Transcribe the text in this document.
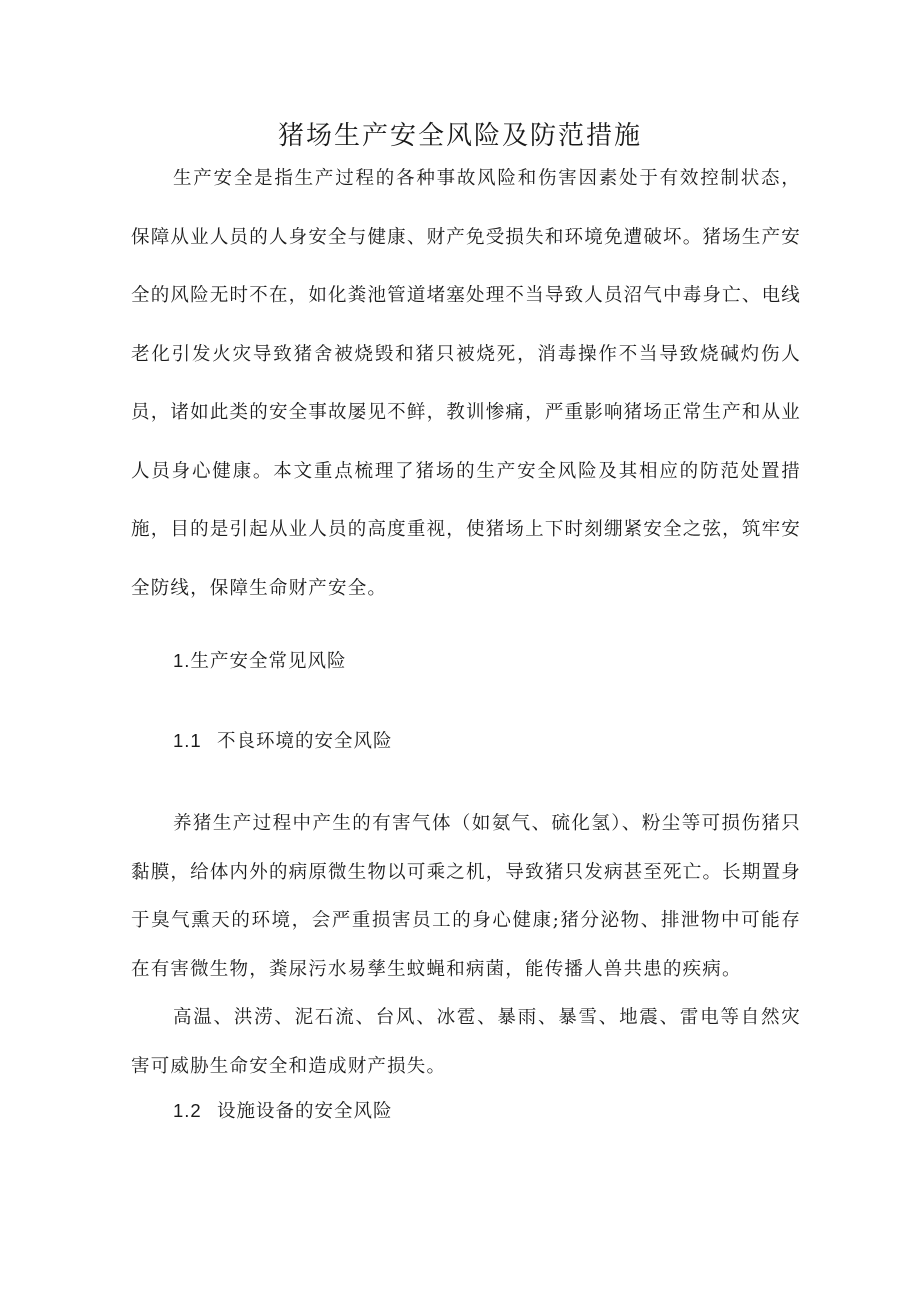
猪场生产安全风险及防范措施

生产安全是指生产过程的各种事故风险和伤害因素处于有效控制状态，保障从业人员的人身安全与健康、财产免受损失和环境免遭破坏。猪场生产安全的风险无时不在，如化粪池管道堵塞处理不当导致人员沼气中毒身亡、电线老化引发火灾导致猪舍被烧毁和猪只被烧死，消毒操作不当导致烧碱灼伤人员，诸如此类的安全事故屡见不鲜，教训惨痛，严重影响猪场正常生产和从业人员身心健康。本文重点梳理了猪场的生产安全风险及其相应的防范处置措施，目的是引起从业人员的高度重视，使猪场上下时刻绷紧安全之弦，筑牢安全防线，保障生命财产安全。

1.生产安全常见风险

1.1 不良环境的安全风险

养猪生产过程中产生的有害气体（如氨气、硫化氢）、粉尘等可损伤猪只黏膜，给体内外的病原微生物以可乘之机，导致猪只发病甚至死亡。长期置身于臭气熏天的环境，会严重损害员工的身心健康;猪分泌物、排泄物中可能存在有害微生物，粪尿污水易孳生蚊蝇和病菌，能传播人兽共患的疾病。

高温、洪涝、泥石流、台风、冰雹、暴雨、暴雪、地震、雷电等自然灾害可威胁生命安全和造成财产损失。

1.2 设施设备的安全风险
